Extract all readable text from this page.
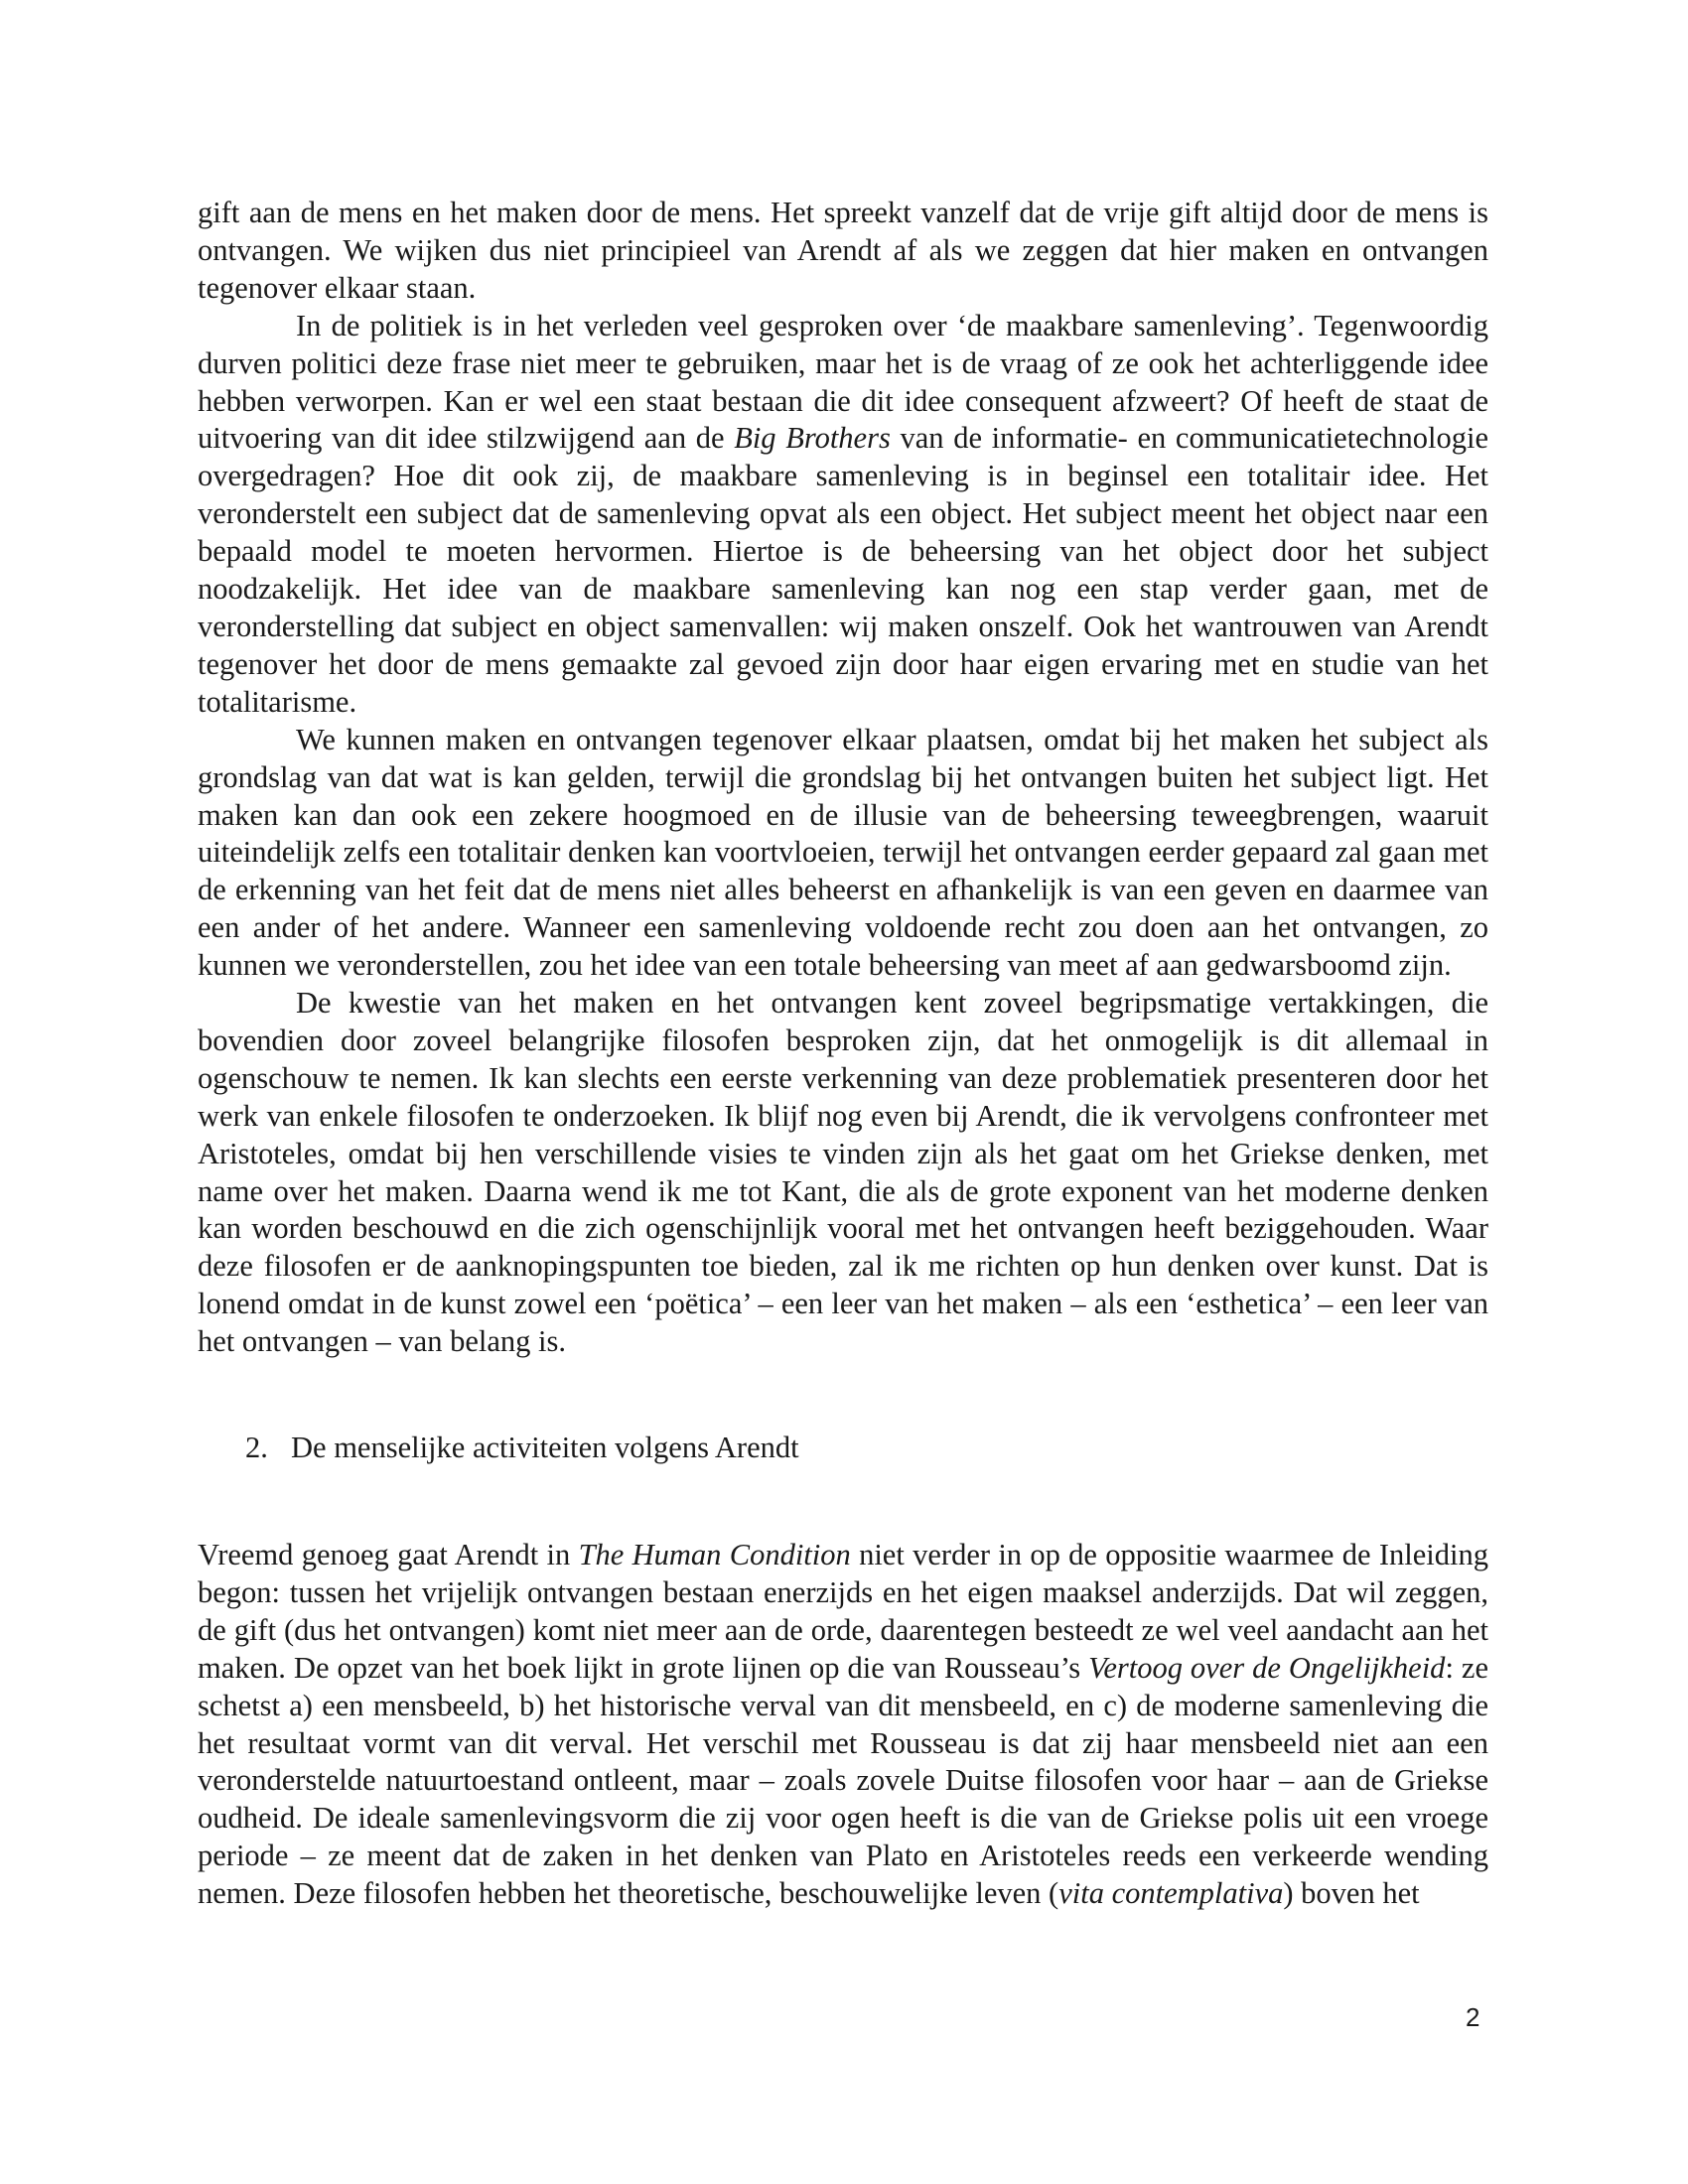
gift aan de mens en het maken door de mens. Het spreekt vanzelf dat de vrije gift altijd door de mens is ontvangen. We wijken dus niet principieel van Arendt af als we zeggen dat hier maken en ontvangen tegenover elkaar staan.

In de politiek is in het verleden veel gesproken over ‘de maakbare samenleving’. Tegenwoordig durven politici deze frase niet meer te gebruiken, maar het is de vraag of ze ook het achterliggende idee hebben verworpen. Kan er wel een staat bestaan die dit idee consequent afzweert? Of heeft de staat de uitvoering van dit idee stilzwijgend aan de Big Brothers van de informatie- en communicatietechnologie overgedragen? Hoe dit ook zij, de maakbare samenleving is in beginsel een totalitair idee. Het veronderstelt een subject dat de samenleving opvat als een object. Het subject meent het object naar een bepaald model te moeten hervormen. Hiertoe is de beheersing van het object door het subject noodzakelijk. Het idee van de maakbare samenleving kan nog een stap verder gaan, met de veronderstelling dat subject en object samenvallen: wij maken onszelf. Ook het wantrouwen van Arendt tegenover het door de mens gemaakte zal gevoed zijn door haar eigen ervaring met en studie van het totalitarisme.

We kunnen maken en ontvangen tegenover elkaar plaatsen, omdat bij het maken het subject als grondslag van dat wat is kan gelden, terwijl die grondslag bij het ontvangen buiten het subject ligt. Het maken kan dan ook een zekere hoogmoed en de illusie van de beheersing teweegbrengen, waaruit uiteindelijk zelfs een totalitair denken kan voortvloeien, terwijl het ontvangen eerder gepaard zal gaan met de erkenning van het feit dat de mens niet alles beheerst en afhankelijk is van een geven en daarmee van een ander of het andere. Wanneer een samenleving voldoende recht zou doen aan het ontvangen, zo kunnen we veronderstellen, zou het idee van een totale beheersing van meet af aan gedwarsboomd zijn.

De kwestie van het maken en het ontvangen kent zoveel begripsmatige vertakkingen, die bovendien door zoveel belangrijke filosofen besproken zijn, dat het onmogelijk is dit allemaal in ogenschouw te nemen. Ik kan slechts een eerste verkenning van deze problematiek presenteren door het werk van enkele filosofen te onderzoeken. Ik blijf nog even bij Arendt, die ik vervolgens confronteer met Aristoteles, omdat bij hen verschillende visies te vinden zijn als het gaat om het Griekse denken, met name over het maken. Daarna wend ik me tot Kant, die als de grote exponent van het moderne denken kan worden beschouwd en die zich ogenschijnlijk vooral met het ontvangen heeft beziggehouden. Waar deze filosofen er de aanknopingspunten toe bieden, zal ik me richten op hun denken over kunst. Dat is lonend omdat in de kunst zowel een ‘poëtica’ – een leer van het maken – als een ‘esthetica’ – een leer van het ontvangen – van belang is.

2. De menselijke activiteiten volgens Arendt

Vreemd genoeg gaat Arendt in The Human Condition niet verder in op de oppositie waarmee de Inleiding begon: tussen het vrijelijk ontvangen bestaan enerzijds en het eigen maaksel anderzijds. Dat wil zeggen, de gift (dus het ontvangen) komt niet meer aan de orde, daarentegen besteedt ze wel veel aandacht aan het maken. De opzet van het boek lijkt in grote lijnen op die van Rousseau’s Vertoog over de Ongelijkheid: ze schetst a) een mensbeeld, b) het historische verval van dit mensbeeld, en c) de moderne samenleving die het resultaat vormt van dit verval. Het verschil met Rousseau is dat zij haar mensbeeld niet aan een veronderstelde natuurtoestand ontleent, maar – zoals zovele Duitse filosofen voor haar – aan de Griekse oudheid. De ideale samenlevingsvorm die zij voor ogen heeft is die van de Griekse polis uit een vroege periode – ze meent dat de zaken in het denken van Plato en Aristoteles reeds een verkeerde wending nemen. Deze filosofen hebben het theoretische, beschouwelijke leven (vita contemplativa) boven het

2
